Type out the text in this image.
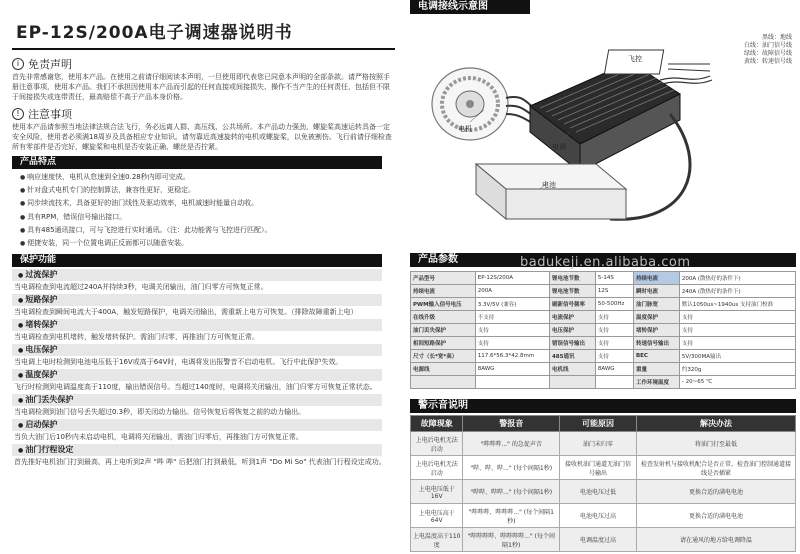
EP-12S/200A电子调速器说明书
i 免责声明
首先非常感谢您，使用本产品。在使用之前请仔细阅读本声明，一旦使用即代表您已同意本声明的全部条款。请严格按照手册注意事项，使用本产品。我们不承担因使用本产品而引起的任何直接或间接损失、操作不当产生的任何责任，包括但不限于间接损失或连带责任，最高赔偿不高于产品本身价格。
! 注意事项
使用本产品请参照当地法律法规合法飞行，务必远离人群、高压线、公共场所。本产品动力强劲，螺旋桨高速运转具备一定安全风险，使用者必须满18周岁及具备相应专业知识。请勿靠近高速旋转的电机或螺旋桨，以免被割伤。飞行前请仔细检查所有零部件是否完好，螺旋桨和电机是否安装正确、螺丝是否拧紧。
产品特点
● 响应速度快，电机从怠速到全速0.28秒内即可完成。
● 针对盘式电机专门的控制算法，兼容性更好，更稳定。
● 同步续流技术，具备更好的油门线性及驱动效率，电机减速时能量自动收。
● 具有RPM，错误信号输出接口。
● 具有485通讯接口，可与飞控进行实时通讯。（注：此功能需与飞控进行匹配）。
● 便捷安装，同一个位置电调正反面都可以随意安装。
保护功能
● 过流保护
当电调检查到电流超过240A并持续3秒，电调关闭输出，油门归零方可恢复正常。
● 短路保护
当电调检查到瞬间电流大于400A，触发短路保护，电调关闭输出，需重新上电方可恢复。（排除故障重新上电）
● 堵转保护
当电调检查到电机堵转，触发堵转保护。需油门归零，再推油门方可恢复正常。
● 电压保护
当电调上电时检测到电池电压低于16V或高于64V时，电调将发出报警音不启动电机。飞行中此保护失效。
● 温度保护
飞行时检测到电调温度高于110度，输出错误信号。当超过140度时，电调将关闭输出，油门归零方可恢复正常状态。
● 油门丢失保护
当电调检测到油门信号丢失超过0.3秒，即关闭动力输出。信号恢复后将恢复之前的动力输出。
● 启动保护
当负大油门后10秒内未启动电机，电调将关闭输出，需油门归零后，再推油门方可恢复正常。
● 油门行程设定
首先推好电机油门打到最高，再上电听到2声 "哔 哔" 后把油门打到最低，听到1声 "Do Mi So" 代表油门行程设定成功。
电调接线示意图
黑线：地线
白线：油门信号线
绿线：故障信号线
黄线：转速信号线
飞控
电机
电调
电池
badukeji.en.alibaba.com
产品参数
产品型号	EP-12S/200A	锂电池节数	5-14S	持续电流	200A (散热好的条件下)
持续电流	200A	锂电池节数	12S	瞬时电流	240A (散热好的条件下)
PWM输入信号电压	3.3V/5V (兼容)	刷新信号频率	50-500Hz	油门脉宽	默认1050us~1940us 支持油门校准
在线升级	不支持	电流保护	支持	温度保护	支持
油门丢失保护	支持	电压保护	支持	堵转保护	支持
相间短路保护	支持	错误信号输出	支持	转速信号输出	支持
尺寸（长*宽*高）	117.6*56.3*42.8mm	485通讯	支持	BEC	5V/300MA输出
电源线	8AWG	电机线	8AWG	重量	约320g
				工作环境温度	- 20~65 ℃
警示音说明
故障现象	警报音	可能原因	解决办法
上电后电机无法启动	"哔哔哔..." 的急促声音	油门未归零	将油门打至最低
上电后电机无法启动	"哔、哔、哔..." (每个间隔1秒)	接收机油门通道无油门信号输出	检查发射机与接收机配合是否正常，检查油门控制通道接线是否插紧
上电电压低于16V	"哔哔、哔哔..." (每个间隔1秒)	电池电压过低	更换合适的满电电池
上电电压高于64V	"哔哔哔、哔哔哔..." (每个间隔1秒)	电池电压过高	更换合适的满电电池
上电温度高于110度	"哔哔哔哔、哔哔哔哔..." (每个间隔1秒)	电调温度过高	请在通风的地方给电调降温
